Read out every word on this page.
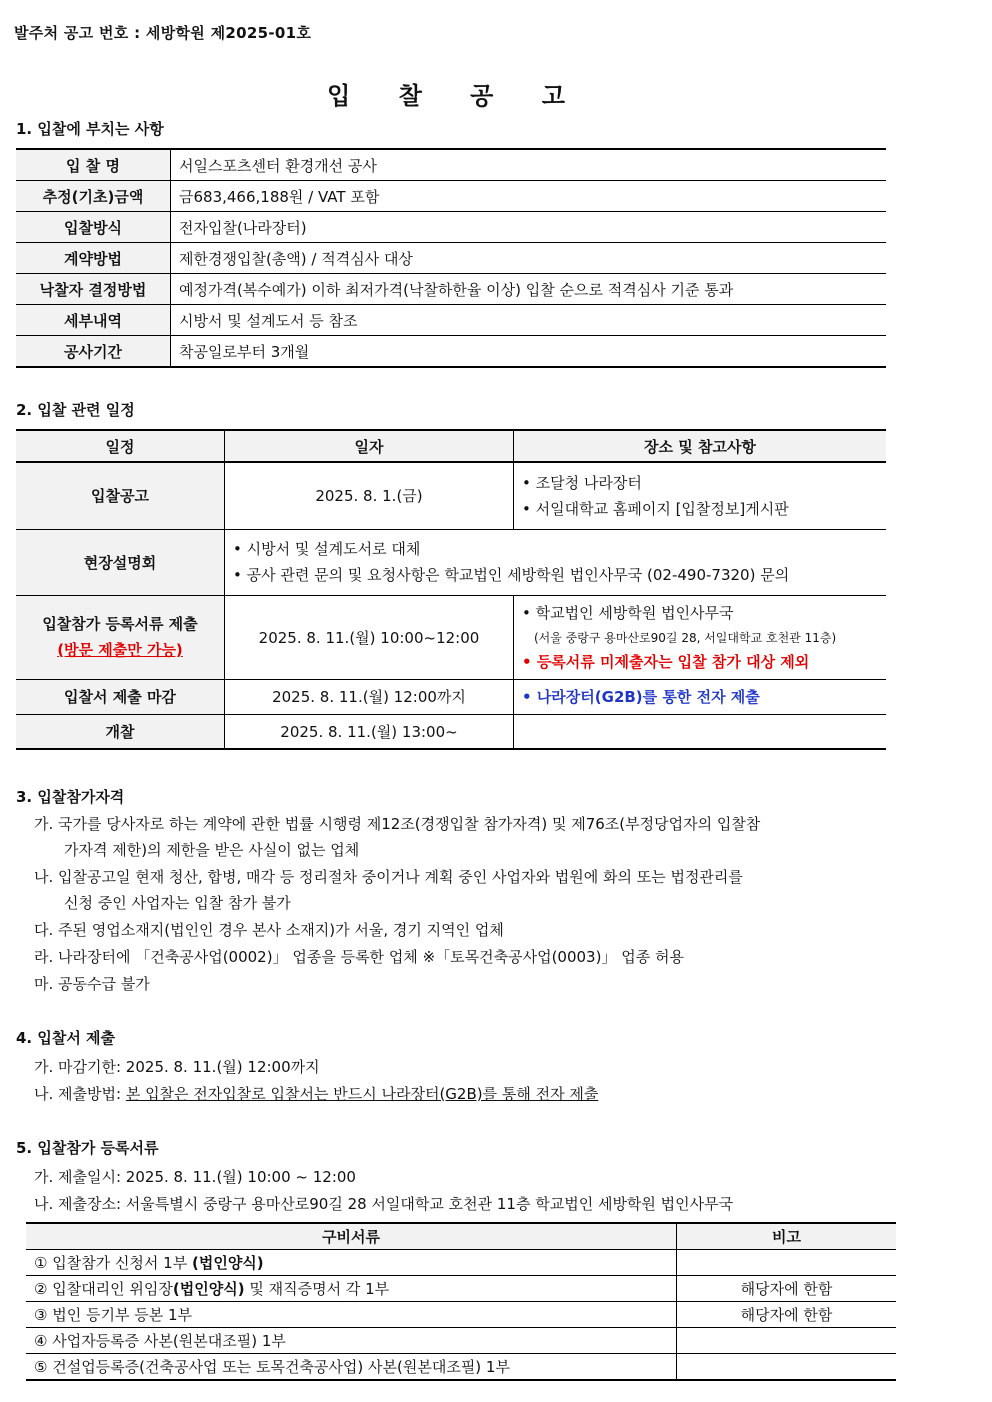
발주처 공고 번호 : 세방학원 제2025-01호
입 찰 공 고
1. 입찰에 부치는 사항
입 찰 명	서일스포츠센터 환경개선 공사
추정(기초)금액	금683,466,188원 / VAT 포함
입찰방식	전자입찰(나라장터)
계약방법	제한경쟁입찰(총액) / 적격심사 대상
낙찰자 결정방법	예정가격(복수예가) 이하 최저가격(낙찰하한율 이상) 입찰 순으로 적격심사 기준 통과
세부내역	시방서 및 설계도서 등 참조
공사기간	착공일로부터 3개월
2. 입찰 관련 일정
일정	일자	장소 및 참고사항
입찰공고	2025. 8. 1.(금)	• 조달청 나라장터
• 서일대학교 홈페이지 [입찰정보]게시판
현장설명회	• 시방서 및 설계도서로 대체
• 공사 관련 문의 및 요청사항은 학교법인 세방학원 법인사무국 (02-490-7320) 문의
입찰참가 등록서류 제출
(방문 제출만 가능)	2025. 8. 11.(월) 10:00~12:00	• 학교법인 세방학원 법인사무국
(서울 중랑구 용마산로90길 28, 서일대학교 호천관 11층)
• 등록서류 미제출자는 입찰 참가 대상 제외
입찰서 제출 마감	2025. 8. 11.(월) 12:00까지	• 나라장터(G2B)를 통한 전자 제출
개찰	2025. 8. 11.(월) 13:00~	
3. 입찰참가자격
가. 국가를 당사자로 하는 계약에 관한 법률 시행령 제12조(경쟁입찰 참가자격) 및 제76조(부정당업자의 입찰참
가자격 제한)의 제한을 받은 사실이 없는 업체
나. 입찰공고일 현재 청산, 합병, 매각 등 정리절차 중이거나 계획 중인 사업자와 법원에 화의 또는 법정관리를
신청 중인 사업자는 입찰 참가 불가
다. 주된 영업소재지(법인인 경우 본사 소재지)가 서울, 경기 지역인 업체
라. 나라장터에 「건축공사업(0002)」 업종을 등록한 업체 ※「토목건축공사업(0003)」 업종 허용
마. 공동수급 불가
4. 입찰서 제출
가. 마감기한: 2025. 8. 11.(월) 12:00까지
나. 제출방법: 본 입찰은 전자입찰로 입찰서는 반드시 나라장터(G2B)를 통해 전자 제출
5. 입찰참가 등록서류
가. 제출일시: 2025. 8. 11.(월) 10:00 ~ 12:00
나. 제출장소: 서울특별시 중랑구 용마산로90길 28 서일대학교 호천관 11층 학교법인 세방학원 법인사무국
구비서류	비고
① 입찰참가 신청서 1부 (법인양식)	
② 입찰대리인 위임장(법인양식) 및 재직증명서 각 1부	해당자에 한함
③ 법인 등기부 등본 1부	해당자에 한함
④ 사업자등록증 사본(원본대조필) 1부	
⑤ 건설업등록증(건축공사업 또는 토목건축공사업) 사본(원본대조필) 1부	
